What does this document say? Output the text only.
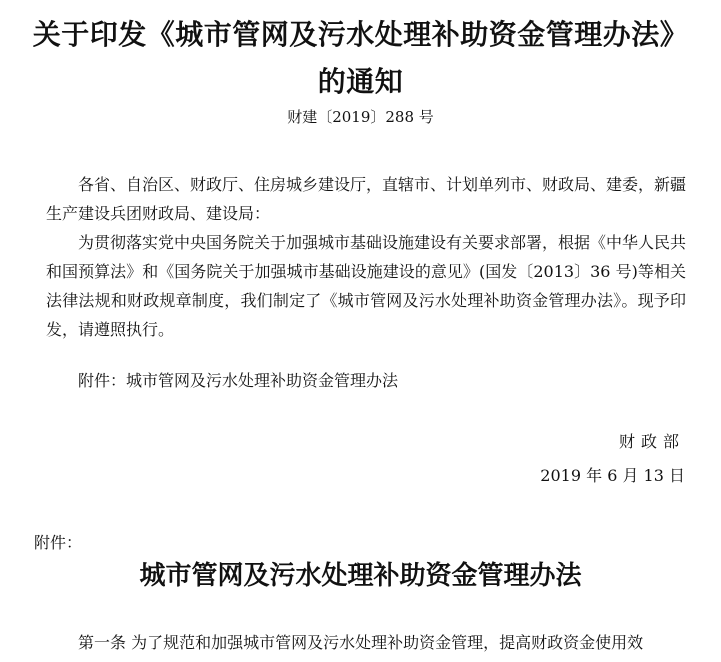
关于印发《城市管网及污水处理补助资金管理办法》
的通知
财建〔2019〕288 号

各省、自治区、财政厅、住房城乡建设厅，直辖市、计划单列市、财政局、建委，新疆生产建设兵团财政局、建设局：

为贯彻落实党中央国务院关于加强城市基础设施建设有关要求部署，根据《中华人民共和国预算法》和《国务院关于加强城市基础设施建设的意见》(国发〔2013〕36 号)等相关法律法规和财政规章制度，我们制定了《城市管网及污水处理补助资金管理办法》。现予印发，请遵照执行。

附件：城市管网及污水处理补助资金管理办法

财政部
2019 年 6 月 13 日
附件：
城市管网及污水处理补助资金管理办法
第一条 为了规范和加强城市管网及污水处理补助资金管理，提高财政资金使用效
